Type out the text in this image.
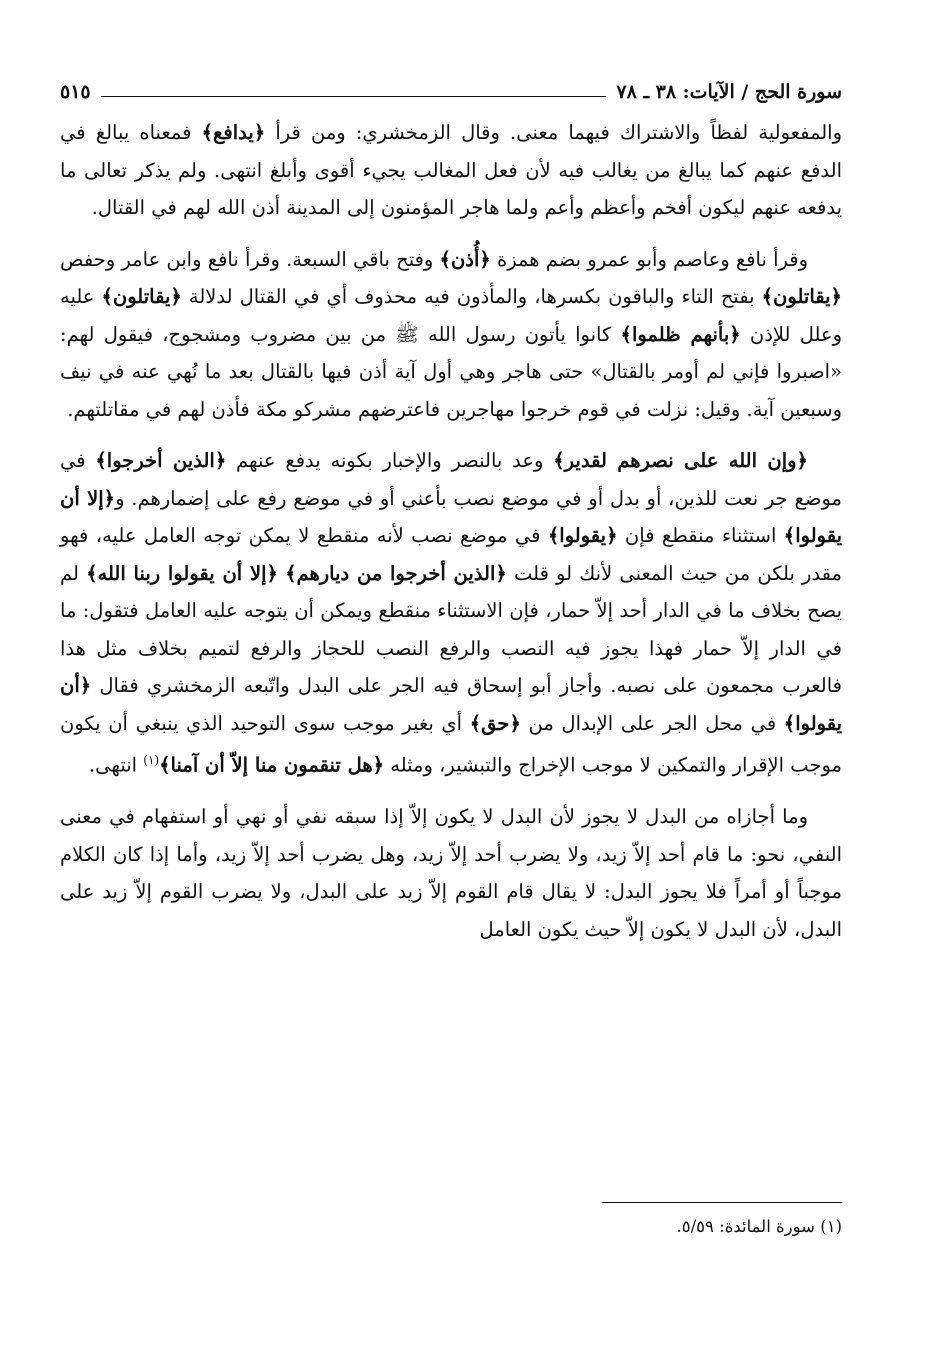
سورة الحج / الآيات: ٣٨ ـ ٧٨
٥١٥

والمفعولية لفظاً والاشتراك فيهما معنى. وقال الزمخشري: ومن قرأ ﴿يدافع﴾ فمعناه يبالغ في الدفع عنهم كما يبالغ من يغالب فيه لأن فعل المغالب يجيء أقوى وأبلغ انتهى. ولم يذكر تعالى ما يدفعه عنهم ليكون أفخم وأعظم وأعم ولما هاجر المؤمنون إلى المدينة أذن الله لهم في القتال.

وقرأ نافع وعاصم وأبو عمرو بضم همزة ﴿أُذن﴾ وفتح باقي السبعة. وقرأ نافع وابن عامر وحفص ﴿يقاتلون﴾ بفتح التاء والباقون بكسرها، والمأذون فيه محذوف أي في القتال لدلالة ﴿يقاتلون﴾ عليه وعلل للإذن ﴿بأنهم ظلموا﴾ كانوا يأتون رسول الله ﷺ من بين مضروب ومشجوج، فيقول لهم: «اصبروا فإني لم أومر بالقتال» حتى هاجر وهي أول آية أذن فيها بالقتال بعد ما نُهي عنه في نيف وسبعين آية. وقيل: نزلت في قوم خرجوا مهاجرين فاعترضهم مشركو مكة فأذن لهم في مقاتلتهم.

﴿وإن الله على نصرهم لقدير﴾ وعد بالنصر والإخبار بكونه يدفع عنهم ﴿الذين أخرجوا﴾ في موضع جر نعت للذين، أو بدل أو في موضع نصب بأعني أو في موضع رفع على إضمارهم. و﴿إلا أن يقولوا﴾ استثناء منقطع فإن ﴿يقولوا﴾ في موضع نصب لأنه منقطع لا يمكن توجه العامل عليه، فهو مقدر بلكن من حيث المعنى لأنك لو قلت ﴿الذين أخرجوا من ديارهم﴾ ﴿إلا أن يقولوا ربنا الله﴾ لم يصح بخلاف ما في الدار أحد إلاّ حمار، فإن الاستثناء منقطع ويمكن أن يتوجه عليه العامل فتقول: ما في الدار إلاّ حمار فهذا يجوز فيه النصب والرفع النصب للحجاز والرفع لتميم بخلاف مثل هذا فالعرب مجمعون على نصبه. وأجاز أبو إسحاق فيه الجر على البدل واتّبعه الزمخشري فقال ﴿أن يقولوا﴾ في محل الجر على الإبدال من ﴿حق﴾ أي بغير موجب سوى التوحيد الذي ينبغي أن يكون موجب الإقرار والتمكين لا موجب الإخراج والتبشير، ومثله ﴿هل تنقمون منا إلاّ أن آمنا﴾$^{(١)}$ انتهى.

وما أجازاه من البدل لا يجوز لأن البدل لا يكون إلاّ إذا سبقه نفي أو نهي أو استفهام في معنى النفي، نحو: ما قام أحد إلاّ زيد، ولا يضرب أحد إلاّ زيد، وهل يضرب أحد إلاّ زيد، وأما إذا كان الكلام موجباً أو أمراً فلا يجوز البدل: لا يقال قام القوم إلاّ زيد على البدل، ولا يضرب القوم إلاّ زيد على البدل، لأن البدل لا يكون إلاّ حيث يكون العامل

(١) سورة المائدة: ٥/٥٩.
